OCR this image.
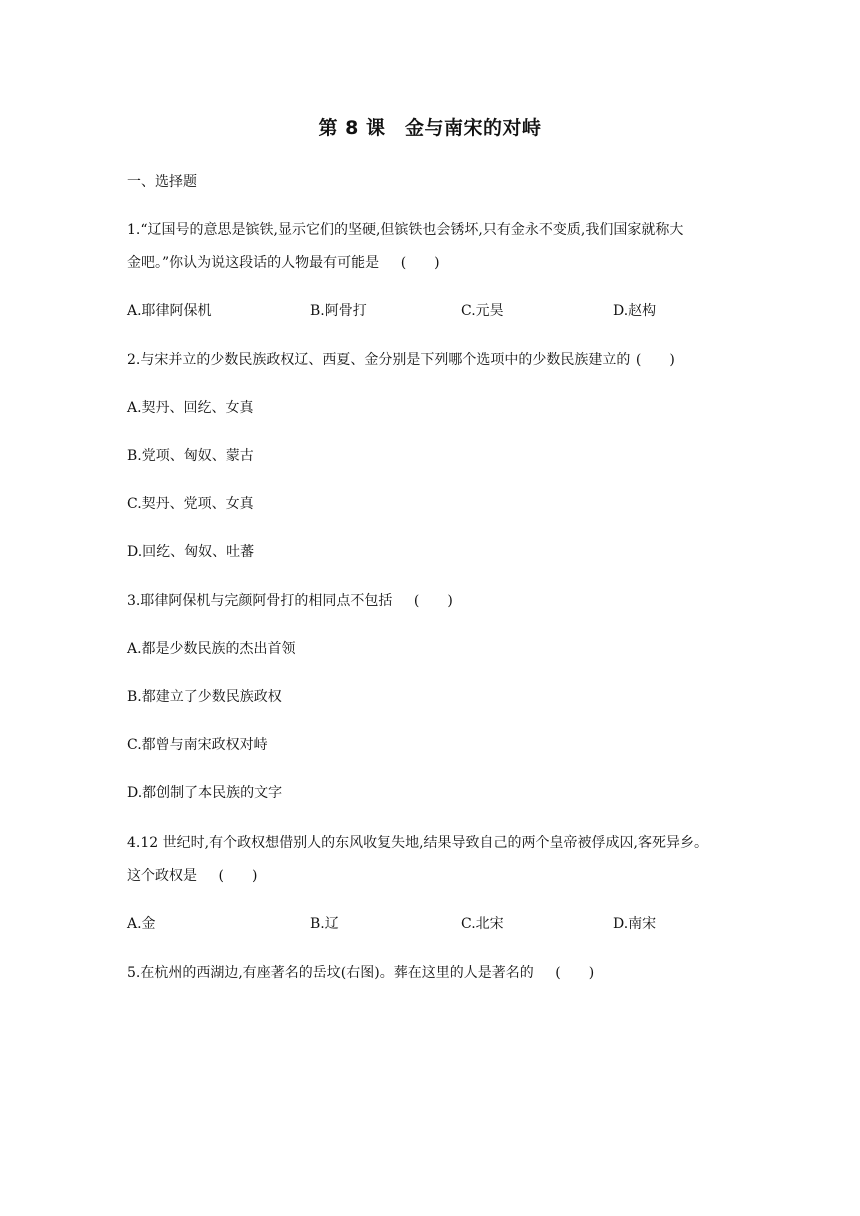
第 8 课　金与南宋的对峙
一、选择题
1.“辽国号的意思是镔铁,显示它们的坚硬,但镔铁也会锈坏,只有金永不变质,我们国家就称大
金吧。”你认为说这段话的人物最有可能是 (　　)
A.耶律阿保机	B.阿骨打	C.元昊	D.赵构
2.与宋并立的少数民族政权辽、西夏、金分别是下列哪个选项中的少数民族建立的 (　　)
A.契丹、回纥、女真
B.党项、匈奴、蒙古
C.契丹、党项、女真
D.回纥、匈奴、吐蕃
3.耶律阿保机与完颜阿骨打的相同点不包括 (　　)
A.都是少数民族的杰出首领
B.都建立了少数民族政权
C.都曾与南宋政权对峙
D.都创制了本民族的文字
4.12 世纪时,有个政权想借别人的东风收复失地,结果导致自己的两个皇帝被俘成囚,客死异乡。
这个政权是 (　　)
A.金	B.辽	C.北宋	D.南宋
5.在杭州的西湖边,有座著名的岳坟(右图)。葬在这里的人是著名的 (　　)
